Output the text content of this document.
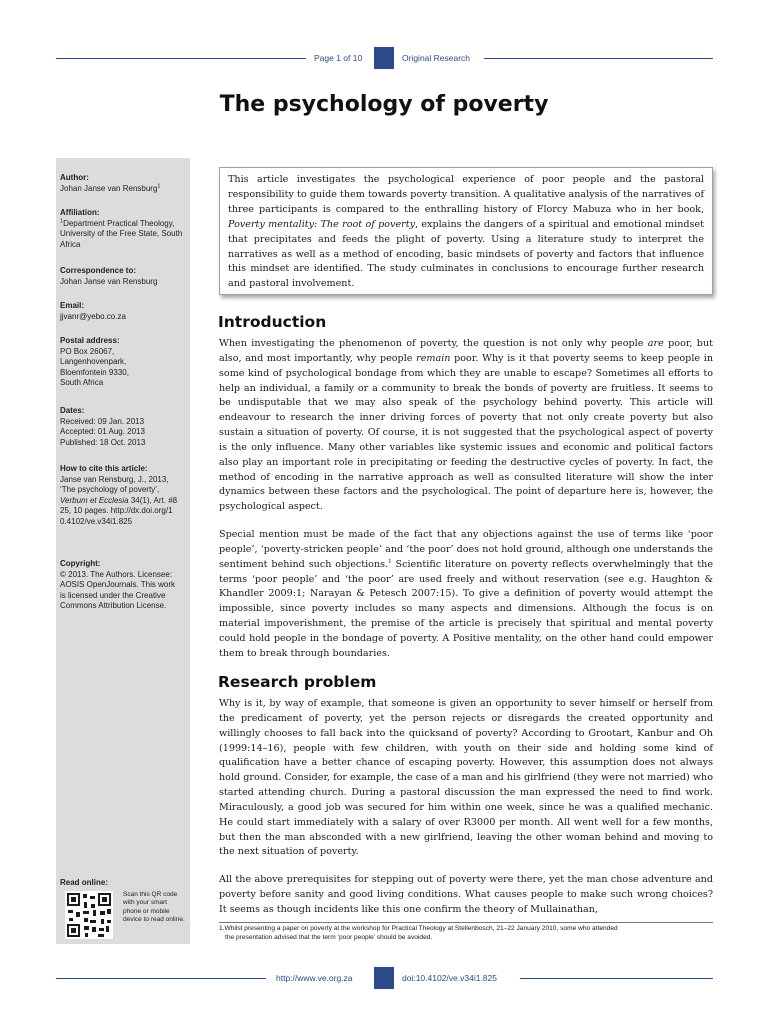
Page 1 of 10	Original Research
The psychology of poverty

Author:

Johan Janse van Rensburg$^1$

Affiliation:

$^1$Department Practical Theology, University of the Free State, South Africa

Correspondence to:

Johan Janse van Rensburg

Email:

jjvanr@yebo.co.za

Postal address:

PO Box 26067,

Langenhovenpark,

Bloemfontein 9330,

South Africa

Dates:

Received: 09 Jan. 2013

Accepted: 01 Aug. 2013

Published: 18 Oct. 2013

How to cite this article:

Janse van Rensburg, J., 2013, ‘The psychology of poverty’, Verbum et Ecclesia 34(1), Art. #825, 10 pages. http://dx.doi.org/10.4102/ve.v34i1.825

Copyright:

© 2013. The Authors. Licensee: AOSIS OpenJournals. This work is licensed under the Creative Commons Attribution License.

Read online:
Scan this QR code with your smart phone or mobile device to read online.
This article investigates the psychological experience of poor people and the pastoral responsibility to guide them towards poverty transition. A qualitative analysis of the narratives of three participants is compared to the enthralling history of Florcy Mabuza who in her book, Poverty mentality: The root of poverty, explains the dangers of a spiritual and emotional mindset that precipitates and feeds the plight of poverty. Using a literature study to interpret the narratives as well as a method of encoding, basic mindsets of poverty and factors that influence this mindset are identified. The study culminates in conclusions to encourage further research and pastoral involvement.
Introduction

When investigating the phenomenon of poverty, the question is not only why people are poor, but also, and most importantly, why people remain poor. Why is it that poverty seems to keep people in some kind of psychological bondage from which they are unable to escape? Sometimes all efforts to help an individual, a family or a community to break the bonds of poverty are fruitless. It seems to be undisputable that we may also speak of the psychology behind poverty. This article will endeavour to research the inner driving forces of poverty that not only create poverty but also sustain a situation of poverty. Of course, it is not suggested that the psychological aspect of poverty is the only influence. Many other variables like systemic issues and economic and political factors also play an important role in precipitating or feeding the destructive cycles of poverty. In fact, the method of encoding in the narrative approach as well as consulted literature will show the inter dynamics between these factors and the psychological. The point of departure here is, however, the psychological aspect.

Special mention must be made of the fact that any objections against the use of terms like ‘poor people’, ‘poverty-stricken people’ and ‘the poor’ does not hold ground, although one understands the sentiment behind such objections.$^1$ Scientific literature on poverty reflects overwhelmingly that the terms ‘poor people’ and ‘the poor’ are used freely and without reservation (see e.g. Haughton & Khandler 2009:1; Narayan & Petesch 2007:15). To give a definition of poverty would attempt the impossible, since poverty includes so many aspects and dimensions. Although the focus is on material impoverishment, the premise of the article is precisely that spiritual and mental poverty could hold people in the bondage of poverty. A Positive mentality, on the other hand could empower them to break through boundaries.

Research problem

Why is it, by way of example, that someone is given an opportunity to sever himself or herself from the predicament of poverty, yet the person rejects or disregards the created opportunity and willingly chooses to fall back into the quicksand of poverty? According to Grootart, Kanbur and Oh (1999:14–16), people with few children, with youth on their side and holding some kind of qualification have a better chance of escaping poverty. However, this assumption does not always hold ground. Consider, for example, the case of a man and his girlfriend (they were not married) who started attending church. During a pastoral discussion the man expressed the need to find work. Miraculously, a good job was secured for him within one week, since he was a qualified mechanic. He could start immediately with a salary of over R3000 per month. All went well for a few months, but then the man absconded with a new girlfriend, leaving the other woman behind and moving to the next situation of poverty.

All the above prerequisites for stepping out of poverty were there, yet the man chose adventure and poverty before sanity and good living conditions. What causes people to make such wrong choices? It seems as though incidents like this one confirm the theory of Mullainathan,

1.Whilst presenting a paper on poverty at the workshop for Practical Theology at Stellenbosch, 21–22 January 2010, some who attended
the presentation advised that the term ‘poor people’ should be avoided.
http://www.ve.org.za	doi:10.4102/ve.v34i1.825
